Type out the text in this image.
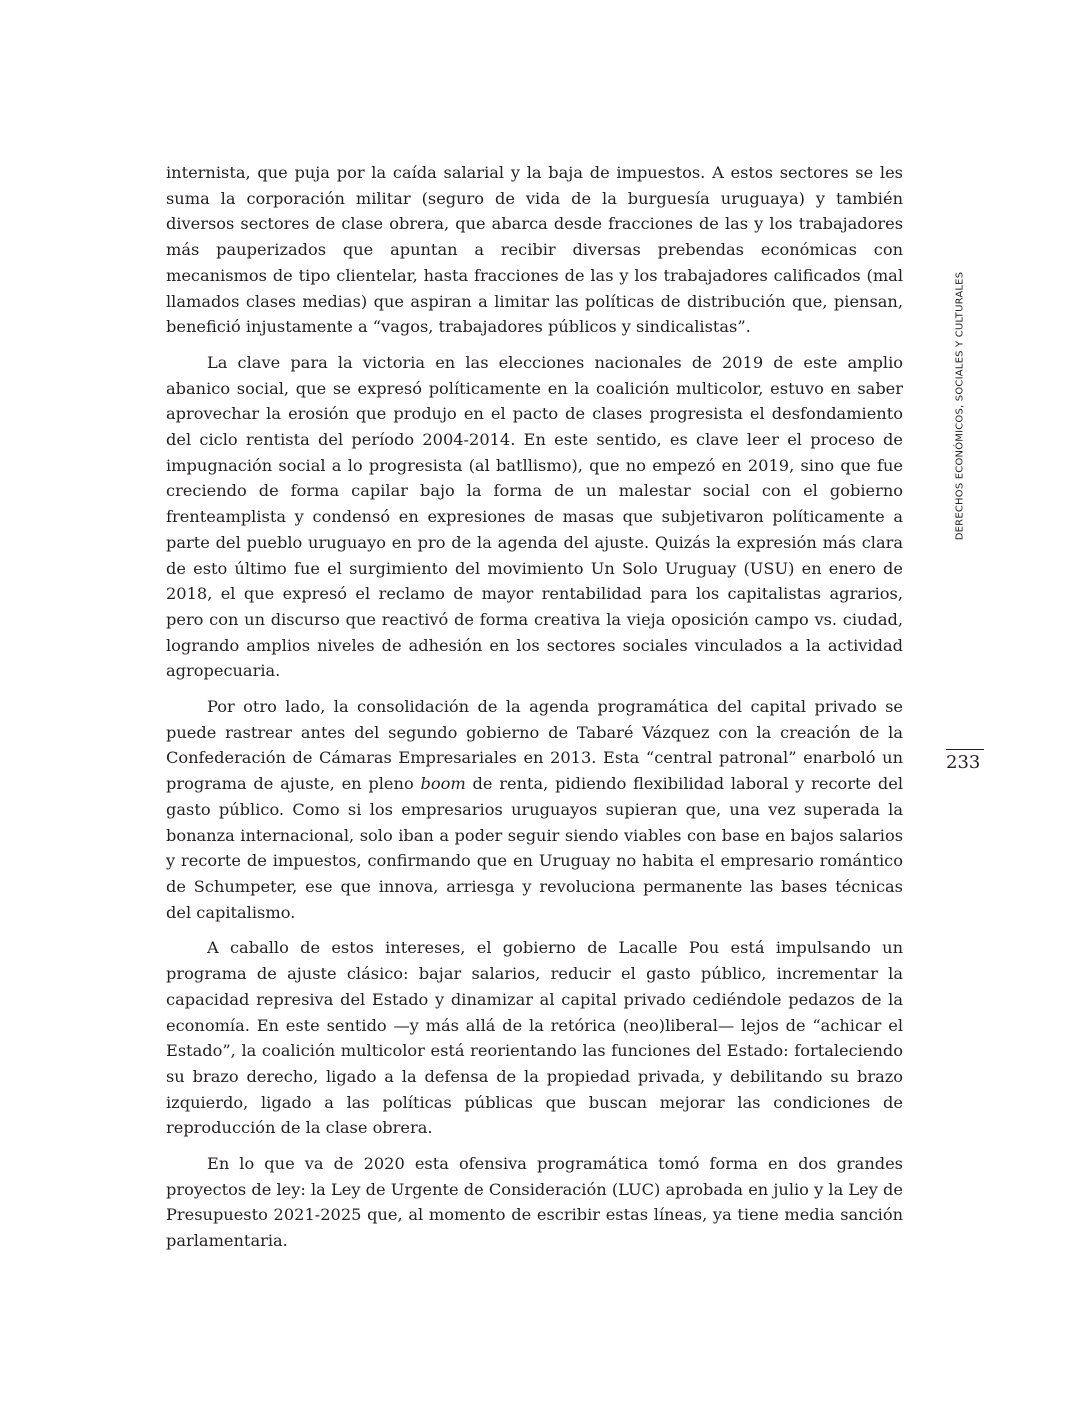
internista, que puja por la caída salarial y la baja de impuestos. A estos sectores se les suma la corporación militar (seguro de vida de la burguesía uruguaya) y también diversos sectores de clase obrera, que abarca desde fracciones de las y los trabajadores más pauperizados que apuntan a recibir diversas prebendas económicas con mecanismos de tipo clientelar, hasta fracciones de las y los trabajadores calificados (mal llamados clases medias) que aspiran a limitar las políticas de distribución que, piensan, benefició injustamente a “vagos, trabajadores públicos y sindicalistas”.

La clave para la victoria en las elecciones nacionales de 2019 de este amplio abanico social, que se expresó políticamente en la coalición multicolor, estuvo en saber aprovechar la erosión que produjo en el pacto de clases progresista el desfondamiento del ciclo rentista del período 2004-2014. En este sentido, es clave leer el proceso de impugnación social a lo progresista (al batllismo), que no empezó en 2019, sino que fue creciendo de forma capilar bajo la forma de un malestar social con el gobierno frenteamplista y condensó en expresiones de masas que subjetivaron políticamente a parte del pueblo uruguayo en pro de la agenda del ajuste. Quizás la expresión más clara de esto último fue el surgimiento del movimiento Un Solo Uruguay (USU) en enero de 2018, el que expresó el reclamo de mayor rentabilidad para los capitalistas agrarios, pero con un discurso que reactivó de forma creativa la vieja oposición campo vs. ciudad, logrando amplios niveles de adhesión en los sectores sociales vinculados a la actividad agropecuaria.

Por otro lado, la consolidación de la agenda programática del capital privado se puede rastrear antes del segundo gobierno de Tabaré Vázquez con la creación de la Confederación de Cámaras Empresariales en 2013. Esta “central patronal” enarboló un programa de ajuste, en pleno boom de renta, pidiendo flexibilidad laboral y recorte del gasto público. Como si los empresarios uruguayos supieran que, una vez superada la bonanza internacional, solo iban a poder seguir siendo viables con base en bajos salarios y recorte de impuestos, confirmando que en Uruguay no habita el empresario romántico de Schumpeter, ese que innova, arriesga y revoluciona permanente las bases técnicas del capitalismo.

A caballo de estos intereses, el gobierno de Lacalle Pou está impulsando un programa de ajuste clásico: bajar salarios, reducir el gasto público, incrementar la capacidad represiva del Estado y dinamizar al capital privado cediéndole pedazos de la economía. En este sentido —y más allá de la retórica (neo)liberal— lejos de “achicar el Estado”, la coalición multicolor está reorientando las funciones del Estado: fortaleciendo su brazo derecho, ligado a la defensa de la propiedad privada, y debilitando su brazo izquierdo, ligado a las políticas públicas que buscan mejorar las condiciones de reproducción de la clase obrera.

En lo que va de 2020 esta ofensiva programática tomó forma en dos grandes proyectos de ley: la Ley de Urgente de Consideración (LUC) aprobada en julio y la Ley de Presupuesto 2021-2025 que, al momento de escribir estas líneas, ya tiene media sanción parlamentaria.

DERECHOS ECONÓMICOS, SOCIALES Y CULTURALES
233
